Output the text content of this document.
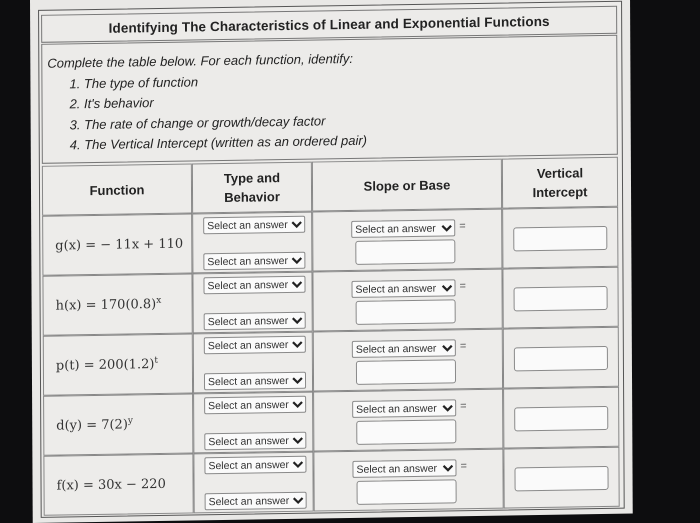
Identifying The Characteristics of Linear and Exponential Functions
Complete the table below. For each function, identify:
1. The type of function
2. It's behavior
3. The rate of change or growth/decay factor
4. The Vertical Intercept (written as an ordered pair)
Function
Type and
Behavior
Slope or Base
Vertical
Intercept
g(x) = − 11x + 110
Select an answer
Select an answer
Select an answer =
$h(x) = 170(0.8)^x$
Select an answer
Select an answer
Select an answer =
$p(t) = 200(1.2)^t$
Select an answer
Select an answer
Select an answer =
$d(y) = 7(2)^y$
Select an answer
Select an answer
Select an answer =
f(x) = 30x − 220
Select an answer
Select an answer
Select an answer =
